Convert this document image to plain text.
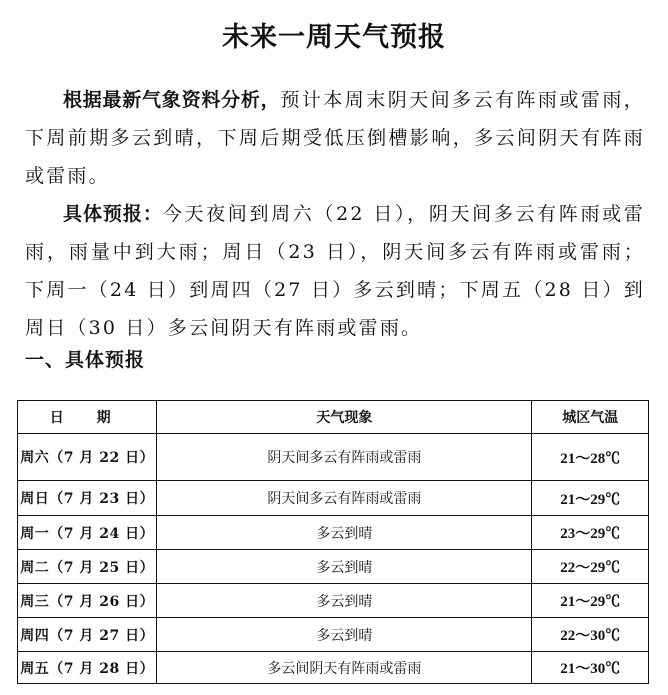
未来一周天气预报
根据最新气象资料分析，预计本周末阴天间多云有阵雨或雷雨，下周前期多云到晴，下周后期受低压倒槽影响，多云间阴天有阵雨或雷雨。
具体预报：今天夜间到周六（22 日），阴天间多云有阵雨或雷雨，雨量中到大雨；周日（23 日），阴天间多云有阵雨或雷雨；下周一（24 日）到周四（27 日）多云到晴；下周五（28 日）到周日（30 日）多云间阴天有阵雨或雷雨。
一、具体预报
日 期	天气现象	城区气温
周六（7 月 22 日）	阴天间多云有阵雨或雷雨	21～28℃
周日（7 月 23 日）	阴天间多云有阵雨或雷雨	21～29℃
周一（7 月 24 日）	多云到晴	23～29℃
周二（7 月 25 日）	多云到晴	22～29℃
周三（7 月 26 日）	多云到晴	21～29℃
周四（7 月 27 日）	多云到晴	22～30℃
周五（7 月 28 日）	多云间阴天有阵雨或雷雨	21～30℃
